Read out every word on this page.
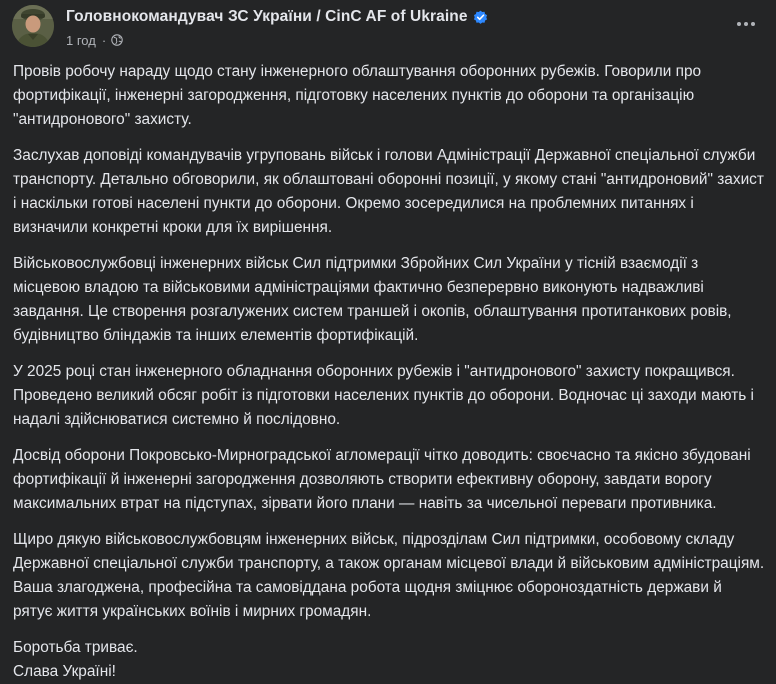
Головнокомандувач ЗС України / CinC AF of Ukraine
1 год ·

Провів робочу нараду щодо стану інженерного облаштування оборонних рубежів. Говорили про фортифікації, інженерні загородження, підготовку населених пунктів до оборони та організацію "антидронового" захисту.

Заслухав доповіді командувачів угруповань військ і голови Адміністрації Державної спеціальної служби транспорту. Детально обговорили, як облаштовані оборонні позиції, у якому стані "антидроновий" захист і наскільки готові населені пункти до оборони. Окремо зосередилися на проблемних питаннях і визначили конкретні кроки для їх вирішення.

Військовослужбовці інженерних військ Сил підтримки Збройних Сил України у тісній взаємодії з місцевою владою та військовими адміністраціями фактично безперервно виконують надважливі завдання. Це створення розгалужених систем траншей і окопів, облаштування протитанкових ровів, будівництво бліндажів та інших елементів фортифікацій.

У 2025 році стан інженерного обладнання оборонних рубежів і "антидронового" захисту покращився. Проведено великий обсяг робіт із підготовки населених пунктів до оборони. Водночас ці заходи мають і надалі здійснюватися системно й послідовно.

Досвід оборони Покровсько-Мирноградської агломерації чітко доводить: своєчасно та якісно збудовані фортифікації й інженерні загородження дозволяють створити ефективну оборону, завдати ворогу максимальних втрат на підступах, зірвати його плани — навіть за чисельної переваги противника.

Щиро дякую військовослужбовцям інженерних військ, підрозділам Сил підтримки, особовому складу Державної спеціальної служби транспорту, а також органам місцевої влади й військовим адміністраціям. Ваша злагоджена, професійна та самовіддана робота щодня зміцнює обороноздатність держави й рятує життя українських воїнів і мирних громадян.

Боротьба триває.

Слава Україні!
